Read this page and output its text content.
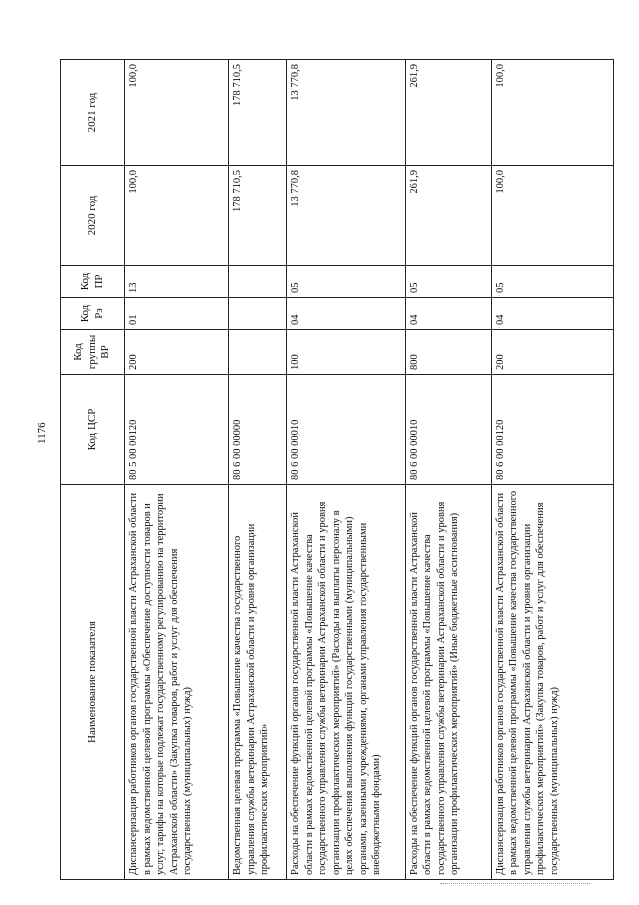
1176
Наименование показателя	Код ЦСР	Код группы ВР	Код Рз	Код ПР	2020 год	2021 год
Диспансеризация работников органов государственной власти Астраханской области в рамках ведомственной целевой программы «Обеспечение доступности товаров и услуг, тарифы на которые подлежат государственному регулированию на территории Астраханской области» (Закупка товаров, работ и услуг для обеспечения государственных (муниципальных) нужд)	80 5 00 00120	200	01	13	100,0	100,0
Ведомственная целевая программа «Повышение качества государственного управления службы ветеринарии Астраханской области и уровня организации профилактических мероприятий»	80 6 00 00000				178 710,5	178 710,5
Расходы на обеспечение функций органов государственной власти Астраханской области в рамках ведомственной целевой программы «Повышение качества государственного управления службы ветеринарии Астраханской области и уровня организации профилактических мероприятий» (Расходы на выплаты персоналу в целях обеспечения выполнения функций государственными (муниципальными) органами, казенными учреждениями, органами управления государственными внебюджетными фондами)	80 6 00 00010	100	04	05	13 770,8	13 770,8
Расходы на обеспечение функций органов государственной власти Астраханской области в рамках ведомственной целевой программы «Повышение качества государственного управления службы ветеринарии Астраханской области и уровня организации профилактических мероприятий» (Иные бюджетные ассигнования)	80 6 00 00010	800	04	05	261,9	261,9
Диспансеризация работников органов государственной власти Астраханской области в рамках ведомственной целевой программы «Повышение качества государственного управления службы ветеринарии Астраханской области и уровня организации профилактических мероприятий» (Закупка товаров, работ и услуг для обеспечения государственных (муниципальных) нужд)	80 6 00 00120	200	04	05	100,0	100,0
